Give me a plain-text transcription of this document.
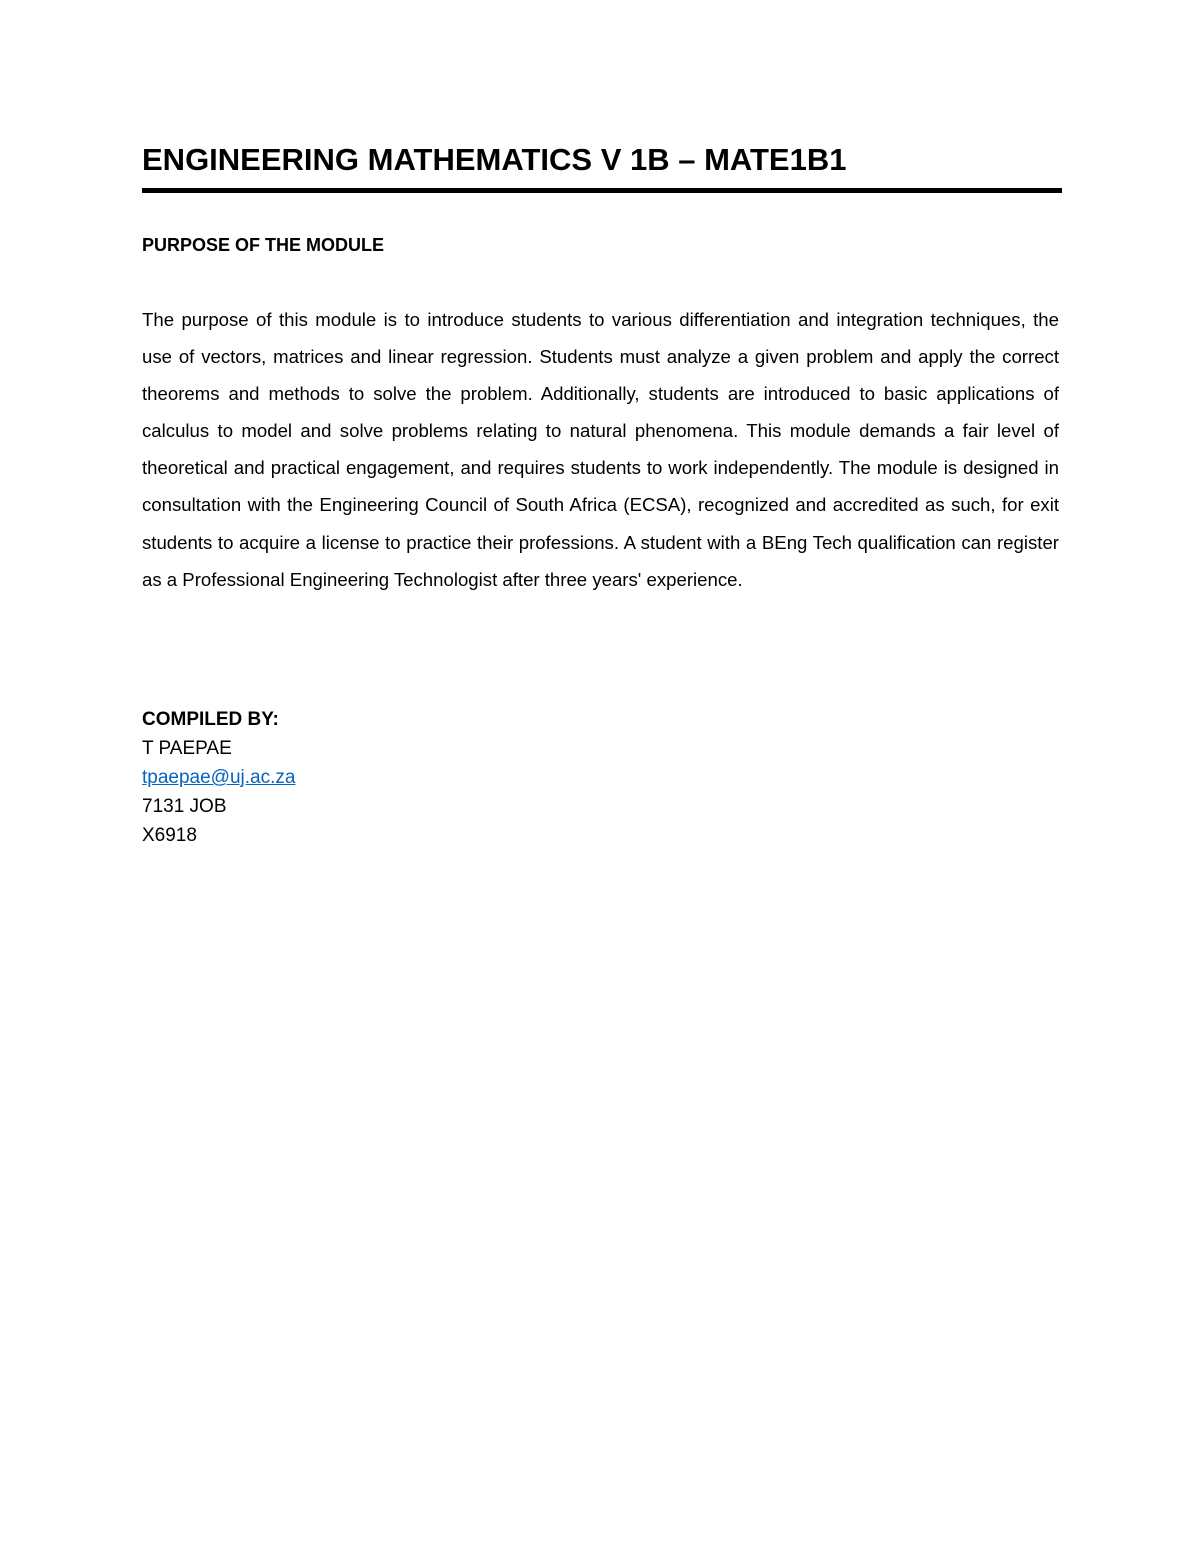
ENGINEERING MATHEMATICS V 1B – MATE1B1
PURPOSE OF THE MODULE

The purpose of this module is to introduce students to various differentiation and integration techniques, the use of vectors, matrices and linear regression. Students must analyze a given problem and apply the correct theorems and methods to solve the problem. Additionally, students are introduced to basic applications of calculus to model and solve problems relating to natural phenomena. This module demands a fair level of theoretical and practical engagement, and requires students to work independently. The module is designed in consultation with the Engineering Council of South Africa (ECSA), recognized and accredited as such, for exit students to acquire a license to practice their professions. A student with a BEng Tech qualification can register as a Professional Engineering Technologist after three years' experience.

COMPILED BY:
T PAEPAE
tpaepae@uj.ac.za
7131 JOB
X6918
